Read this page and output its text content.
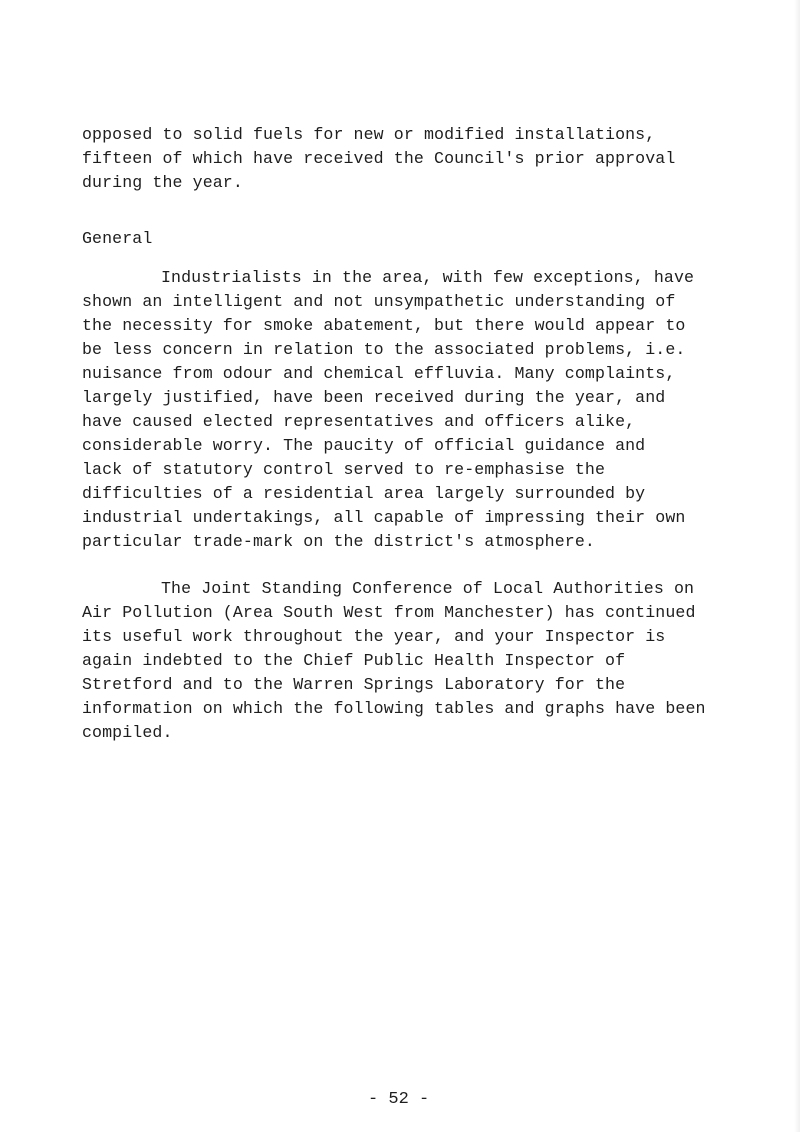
opposed to solid fuels for new or modified installations,
fifteen of which have received the Council's prior approval
during the year.
General
Industrialists in the area, with few exceptions, have
shown an intelligent and not unsympathetic understanding of
the necessity for smoke abatement, but there would appear to
be less concern in relation to the associated problems, i.e.
nuisance from odour and chemical effluvia. Many complaints,
largely justified, have been received during the year, and
have caused elected representatives and officers alike,
considerable worry. The paucity of official guidance and
lack of statutory control served to re-emphasise the
difficulties of a residential area largely surrounded by
industrial undertakings, all capable of impressing their own
particular trade-mark on the district's atmosphere.
The Joint Standing Conference of Local Authorities on
Air Pollution (Area South West from Manchester) has continued
its useful work throughout the year, and your Inspector is
again indebted to the Chief Public Health Inspector of
Stretford and to the Warren Springs Laboratory for the
information on which the following tables and graphs have been
compiled.
- 52 -
